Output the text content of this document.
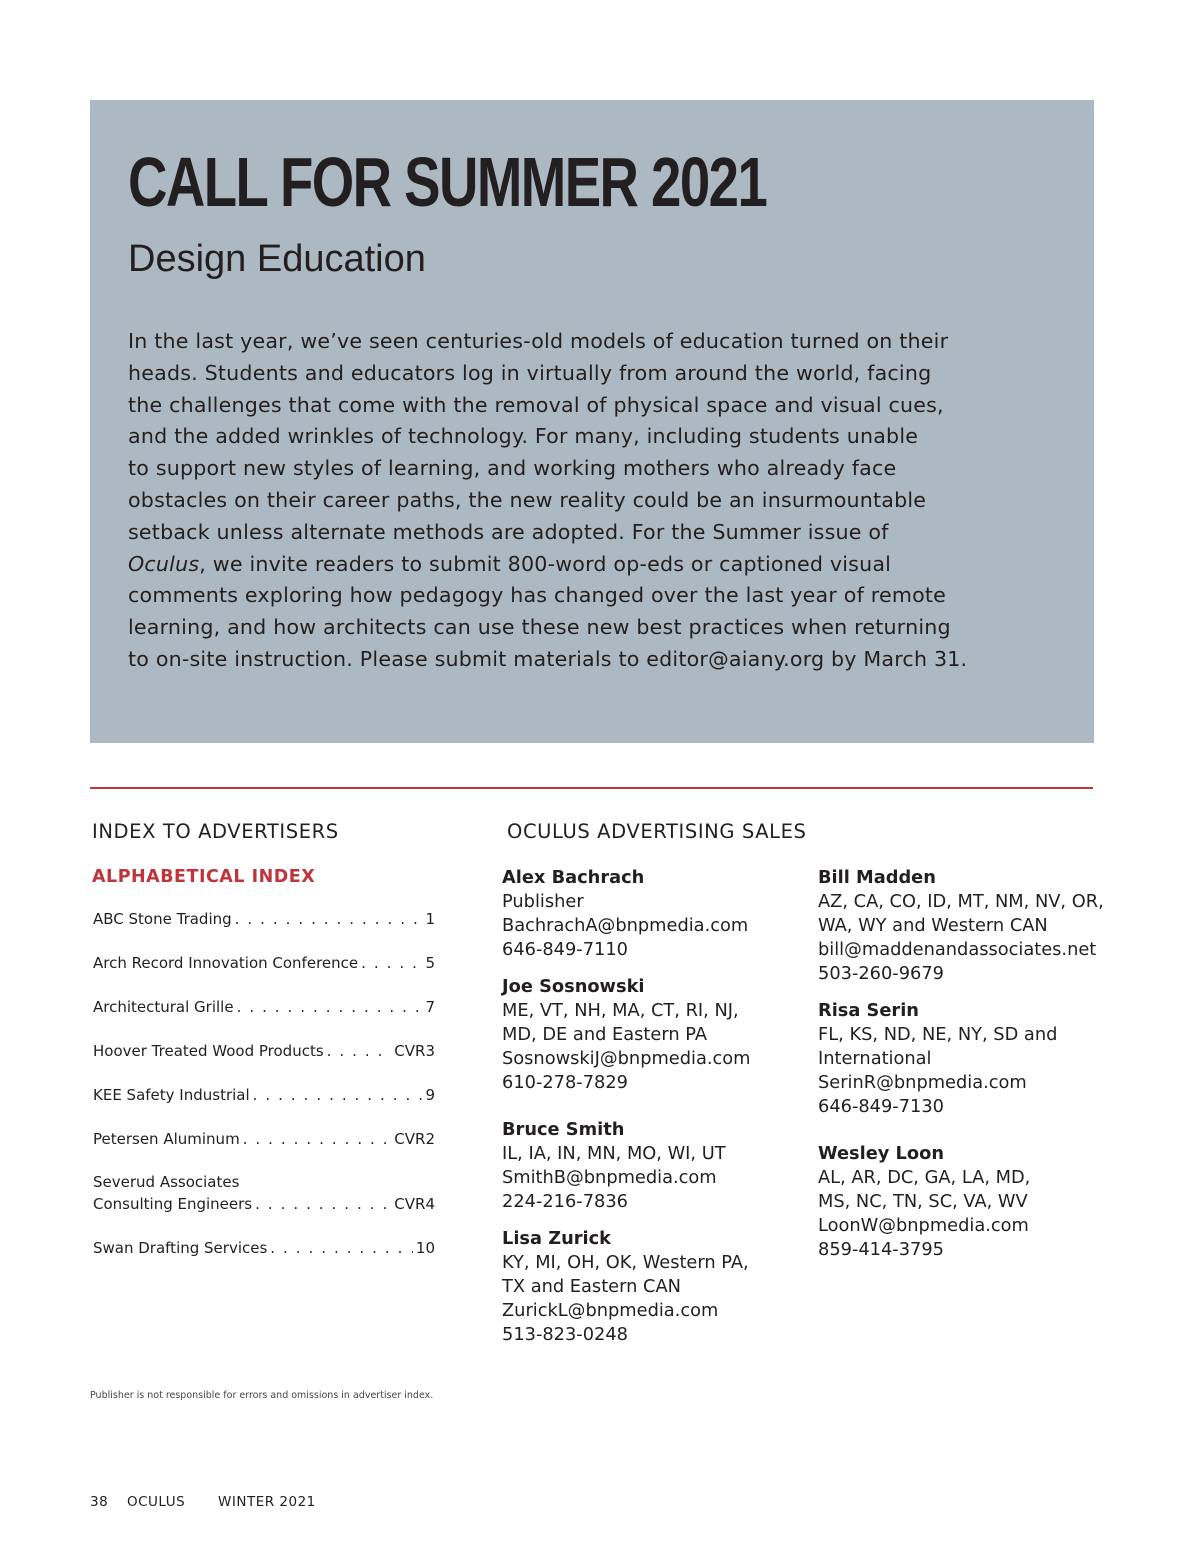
CALL FOR SUMMER 2021
Design Education

In the last year, we’ve seen centuries-old models of education turned on their

heads. Students and educators log in virtually from around the world, facing

the challenges that come with the removal of physical space and visual cues,

and the added wrinkles of technology. For many, including students unable

to support new styles of learning, and working mothers who already face

obstacles on their career paths, the new reality could be an insurmountable

setback unless alternate methods are adopted. For the Summer issue of

Oculus, we invite readers to submit 800-word op-eds or captioned visual

comments exploring how pedagogy has changed over the last year of remote

learning, and how architects can use these new best practices when returning

to on-site instruction. Please submit materials to editor@aiany.org by March 31.

INDEX TO ADVERTISERS
ALPHABETICAL INDEX
ABC Stone Trading . . .	1
Arch Record Innovation Conference . . .	5
Architectural Grille . . .	7
Hoover Treated Wood Products . . .	CVR3
KEE Safety Industrial . . .	9
Petersen Aluminum . . .	CVR2
Severud Associates
Consulting Engineers . . .	CVR4
Swan Drafting Services . . .	10
OCULUS ADVERTISING SALES
Alex Bachrach
Publisher
BachrachA@bnpmedia.com
646-849-7110
Joe Sosnowski
ME, VT, NH, MA, CT, RI, NJ,
MD, DE and Eastern PA
SosnowskiJ@bnpmedia.com
610-278-7829
Bruce Smith
IL, IA, IN, MN, MO, WI, UT
SmithB@bnpmedia.com
224-216-7836
Lisa Zurick
KY, MI, OH, OK, Western PA,
TX and Eastern CAN
ZurickL@bnpmedia.com
513-823-0248
Bill Madden
AZ, CA, CO, ID, MT, NM, NV, OR,
WA, WY and Western CAN
bill@maddenandassociates.net
503-260-9679
Risa Serin
FL, KS, ND, NE, NY, SD and
International
SerinR@bnpmedia.com
646-849-7130
Wesley Loon
AL, AR, DC, GA, LA, MD,
MS, NC, TN, SC, VA, WV
LoonW@bnpmedia.com
859-414-3795

Publisher is not responsible for errors and omissions in advertiser index.

38 OCULUS WINTER 2021
